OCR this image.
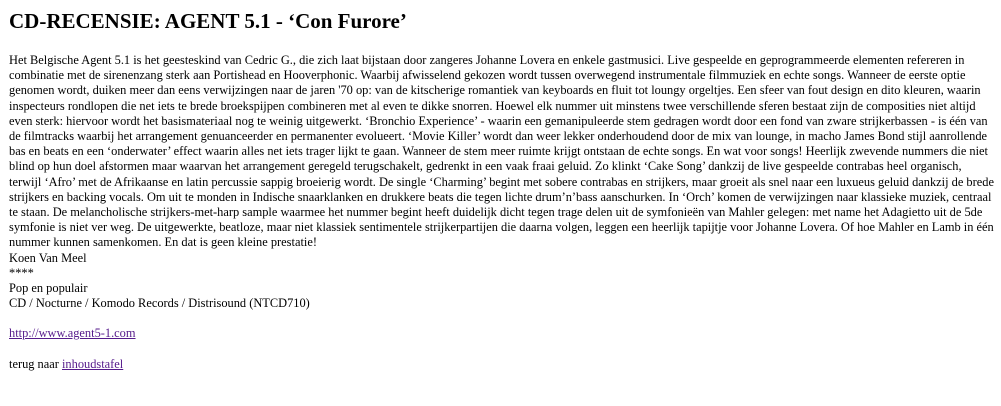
CD-RECENSIE: AGENT 5.1 - ‘Con Furore’

Het Belgische Agent 5.1 is het geesteskind van Cedric G., die zich laat bijstaan door zangeres Johanne Lovera en enkele gastmusici. Live gespeelde en geprogrammeerde elementen refereren in combinatie met de sirenenzang sterk aan Portishead en Hooverphonic. Waarbij afwisselend gekozen wordt tussen overwegend instrumentale filmmuziek en echte songs. Wanneer de eerste optie genomen wordt, duiken meer dan eens verwijzingen naar de jaren '70 op: van de kitscherige romantiek van keyboards en fluit tot loungy orgeltjes. Een sfeer van fout design en dito kleuren, waarin inspecteurs rondlopen die net iets te brede broekspijpen combineren met al even te dikke snorren. Hoewel elk nummer uit minstens twee verschillende sferen bestaat zijn de composities niet altijd even sterk: hiervoor wordt het basismateriaal nog te weinig uitgewerkt. ‘Bronchio Experience’ - waarin een gemanipuleerde stem gedragen wordt door een fond van zware strijkerbassen - is één van de filmtracks waarbij het arrangement genuanceerder en permanenter evolueert. ‘Movie Killer’ wordt dan weer lekker onderhoudend door de mix van lounge, in macho James Bond stijl aanrollende bas en beats en een ‘onderwater’ effect waarin alles net iets trager lijkt te gaan. Wanneer de stem meer ruimte krijgt ontstaan de echte songs. En wat voor songs! Heerlijk zwevende nummers die niet blind op hun doel afstormen maar waarvan het arrangement geregeld terugschakelt, gedrenkt in een vaak fraai geluid. Zo klinkt ‘Cake Song’ dankzij de live gespeelde contrabas heel organisch, terwijl ‘Afro’ met de Afrikaanse en latin percussie sappig broeierig wordt. De single ‘Charming’ begint met sobere contrabas en strijkers, maar groeit als snel naar een luxueus geluid dankzij de brede strijkers en backing vocals. Om uit te monden in Indische snaarklanken en drukkere beats die tegen lichte drum’n’bass aanschurken. In ‘Orch’ komen de verwijzingen naar klassieke muziek, centraal te staan. De melancholische strijkers-met-harp sample waarmee het nummer begint heeft duidelijk dicht tegen trage delen uit de symfonieën van Mahler gelegen: met name het Adagietto uit de 5de symfonie is niet ver weg. De uitgewerkte, beatloze, maar niet klassiek sentimentele strijkerpartijen die daarna volgen, leggen een heerlijk tapijtje voor Johanne Lovera. Of hoe Mahler en Lamb in één nummer kunnen samenkomen. En dat is geen kleine prestatie!

Koen Van Meel
****
Pop en populair
CD / Nocturne / Komodo Records / Distrisound (NTCD710)
http://www.agent5-1.com
terug naar inhoudstafel
